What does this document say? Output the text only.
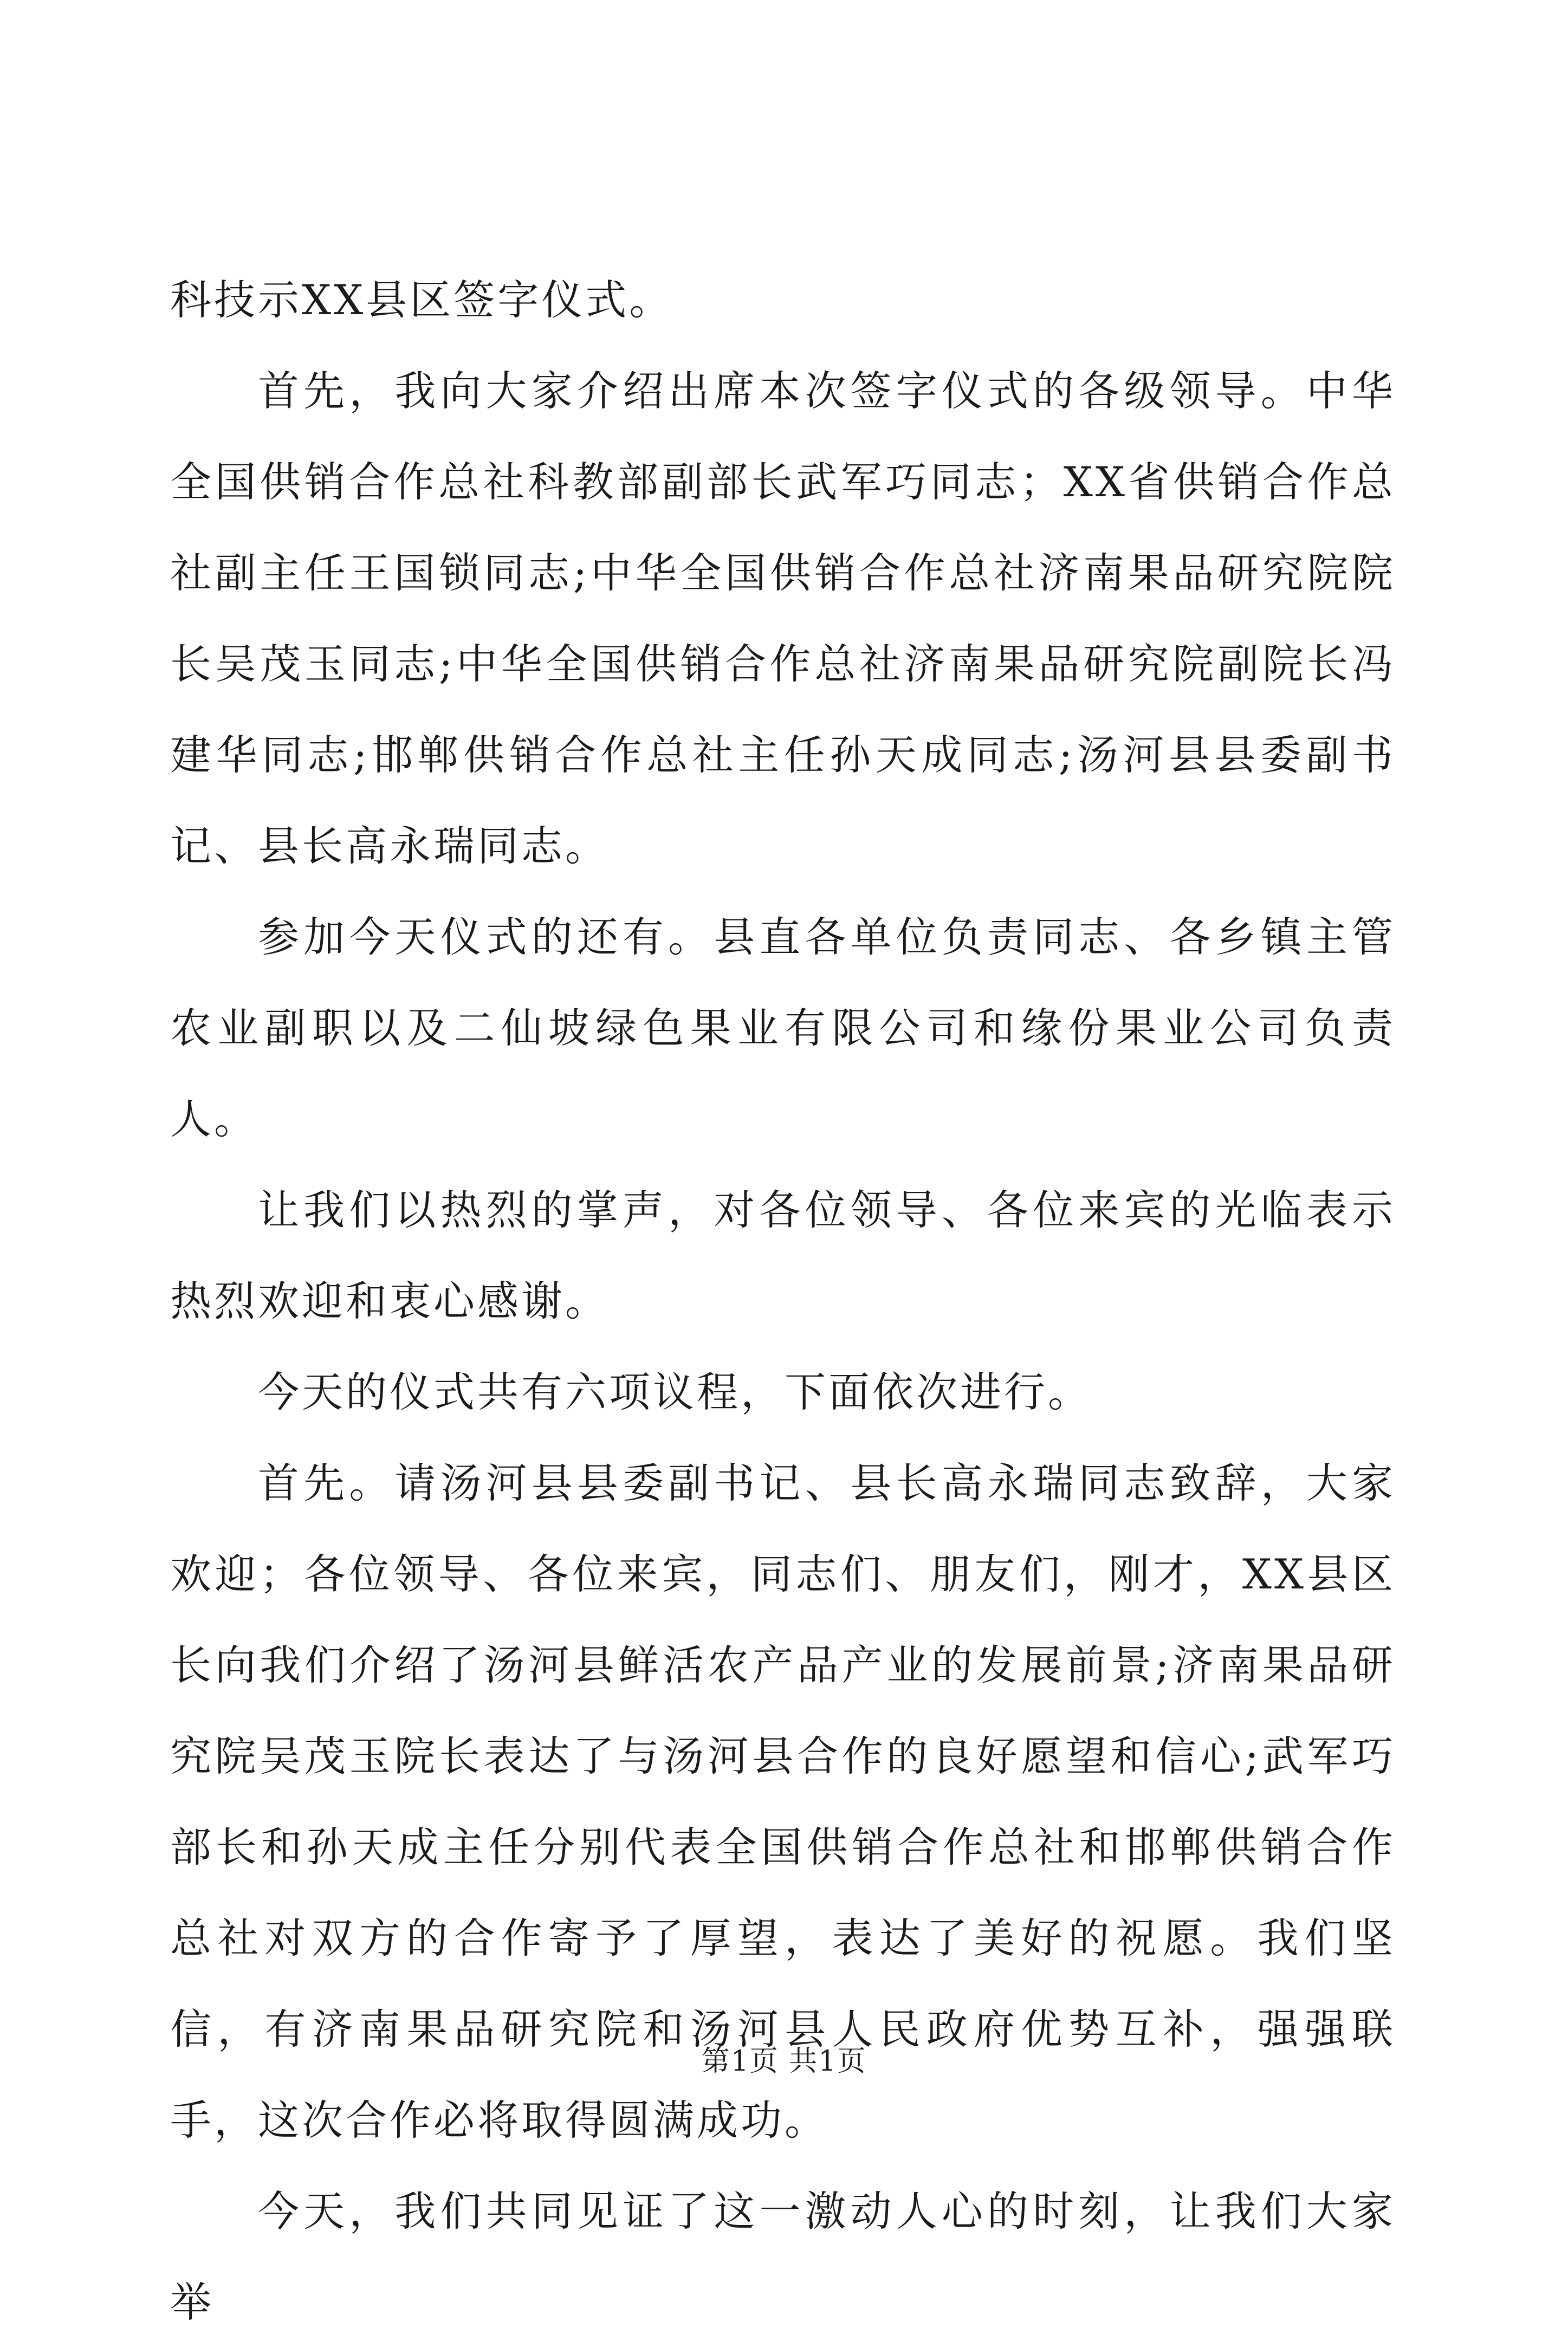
科技示XX县区签字仪式。

首先，我向大家介绍出席本次签字仪式的各级领导。中华全国供销合作总社科教部副部长武军巧同志；XX省供销合作总社副主任王国锁同志;中华全国供销合作总社济南果品研究院院长吴茂玉同志;中华全国供销合作总社济南果品研究院副院长冯建华同志;邯郸供销合作总社主任孙天成同志;汤河县县委副书记、县长高永瑞同志。

参加今天仪式的还有。县直各单位负责同志、各乡镇主管农业副职以及二仙坡绿色果业有限公司和缘份果业公司负责人。

让我们以热烈的掌声，对各位领导、各位来宾的光临表示热烈欢迎和衷心感谢。

今天的仪式共有六项议程，下面依次进行。

首先。请汤河县县委副书记、县长高永瑞同志致辞，大家欢迎；各位领导、各位来宾，同志们、朋友们，刚才，XX县区长向我们介绍了汤河县鲜活农产品产业的发展前景;济南果品研究院吴茂玉院长表达了与汤河县合作的良好愿望和信心;武军巧部长和孙天成主任分别代表全国供销合作总社和邯郸供销合作总社对双方的合作寄予了厚望，表达了美好的祝愿。我们坚信，有济南果品研究院和汤河县人民政府优势互补，强强联手，这次合作必将取得圆满成功。

今天，我们共同见证了这一激动人心的时刻，让我们大家举

第1页 共1页
